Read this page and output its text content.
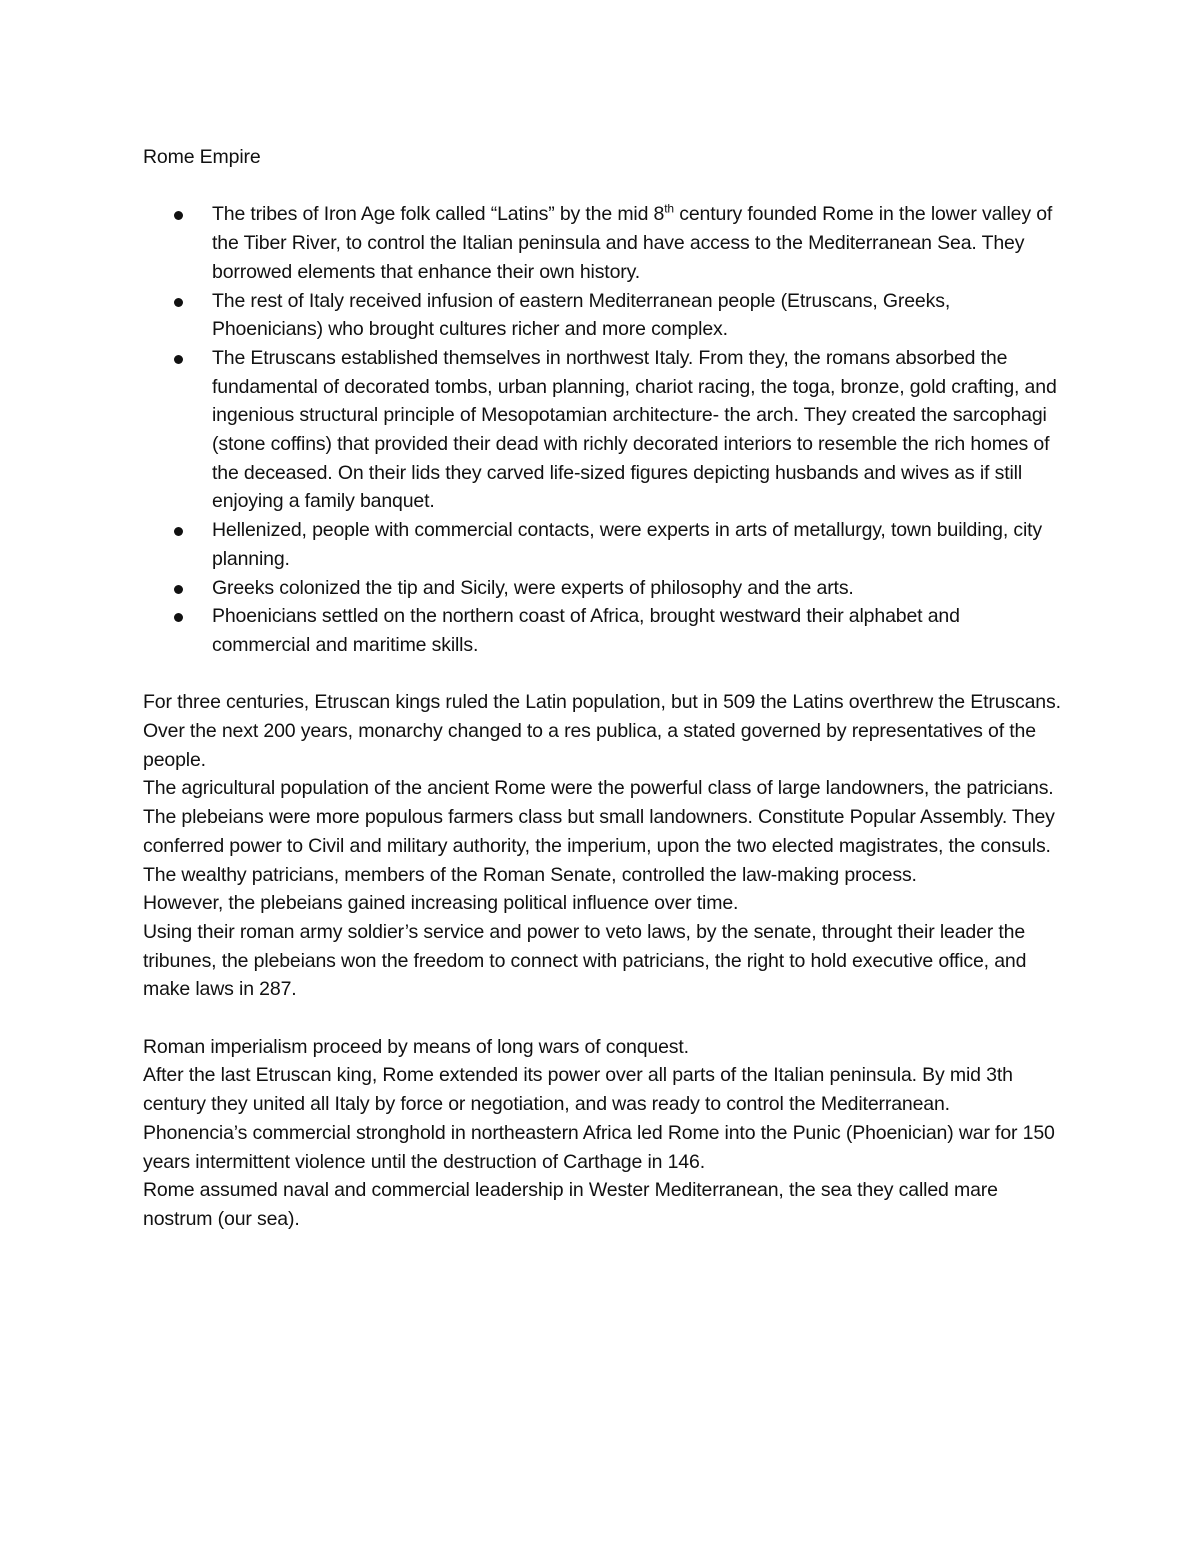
Rome Empire
The tribes of Iron Age folk called “Latins” by the mid 8th century founded Rome in the lower valley of the Tiber River, to control the Italian peninsula and have access to the Mediterranean Sea. They borrowed elements that enhance their own history.
The rest of Italy received infusion of eastern Mediterranean people (Etruscans, Greeks, Phoenicians) who brought cultures richer and more complex.
The Etruscans established themselves in northwest Italy. From they, the romans absorbed the fundamental of decorated tombs, urban planning, chariot racing, the toga, bronze, gold crafting, and ingenious structural principle of Mesopotamian architecture- the arch. They created the sarcophagi (stone coffins) that provided their dead with richly decorated interiors to resemble the rich homes of the deceased. On their lids they carved life-sized figures depicting husbands and wives as if still enjoying a family banquet.
Hellenized, people with commercial contacts, were experts in arts of metallurgy, town building, city planning.
Greeks colonized the tip and Sicily, were experts of philosophy and the arts.
Phoenicians settled on the northern coast of Africa, brought westward their alphabet and commercial and maritime skills.

For three centuries, Etruscan kings ruled the Latin population, but in 509 the Latins overthrew the Etruscans.

Over the next 200 years, monarchy changed to a res publica, a stated governed by representatives of the people.

The agricultural population of the ancient Rome were the powerful class of large landowners, the patricians.

The plebeians were more populous farmers class but small landowners. Constitute Popular Assembly. They conferred power to Civil and military authority, the imperium, upon the two elected magistrates, the consuls.

The wealthy patricians, members of the Roman Senate, controlled the law-making process.

However, the plebeians gained increasing political influence over time.

Using their roman army soldier’s service and power to veto laws, by the senate, throught their leader the tribunes, the plebeians won the freedom to connect with patricians, the right to hold executive office, and make laws in 287.

Roman imperialism proceed by means of long wars of conquest.

After the last Etruscan king, Rome extended its power over all parts of the Italian peninsula. By mid 3th century they united all Italy by force or negotiation, and was ready to control the Mediterranean.

Phonencia’s commercial stronghold in northeastern Africa led Rome into the Punic (Phoenician) war for 150 years intermittent violence until the destruction of Carthage in 146.

Rome assumed naval and commercial leadership in Wester Mediterranean, the sea they called mare nostrum (our sea).
